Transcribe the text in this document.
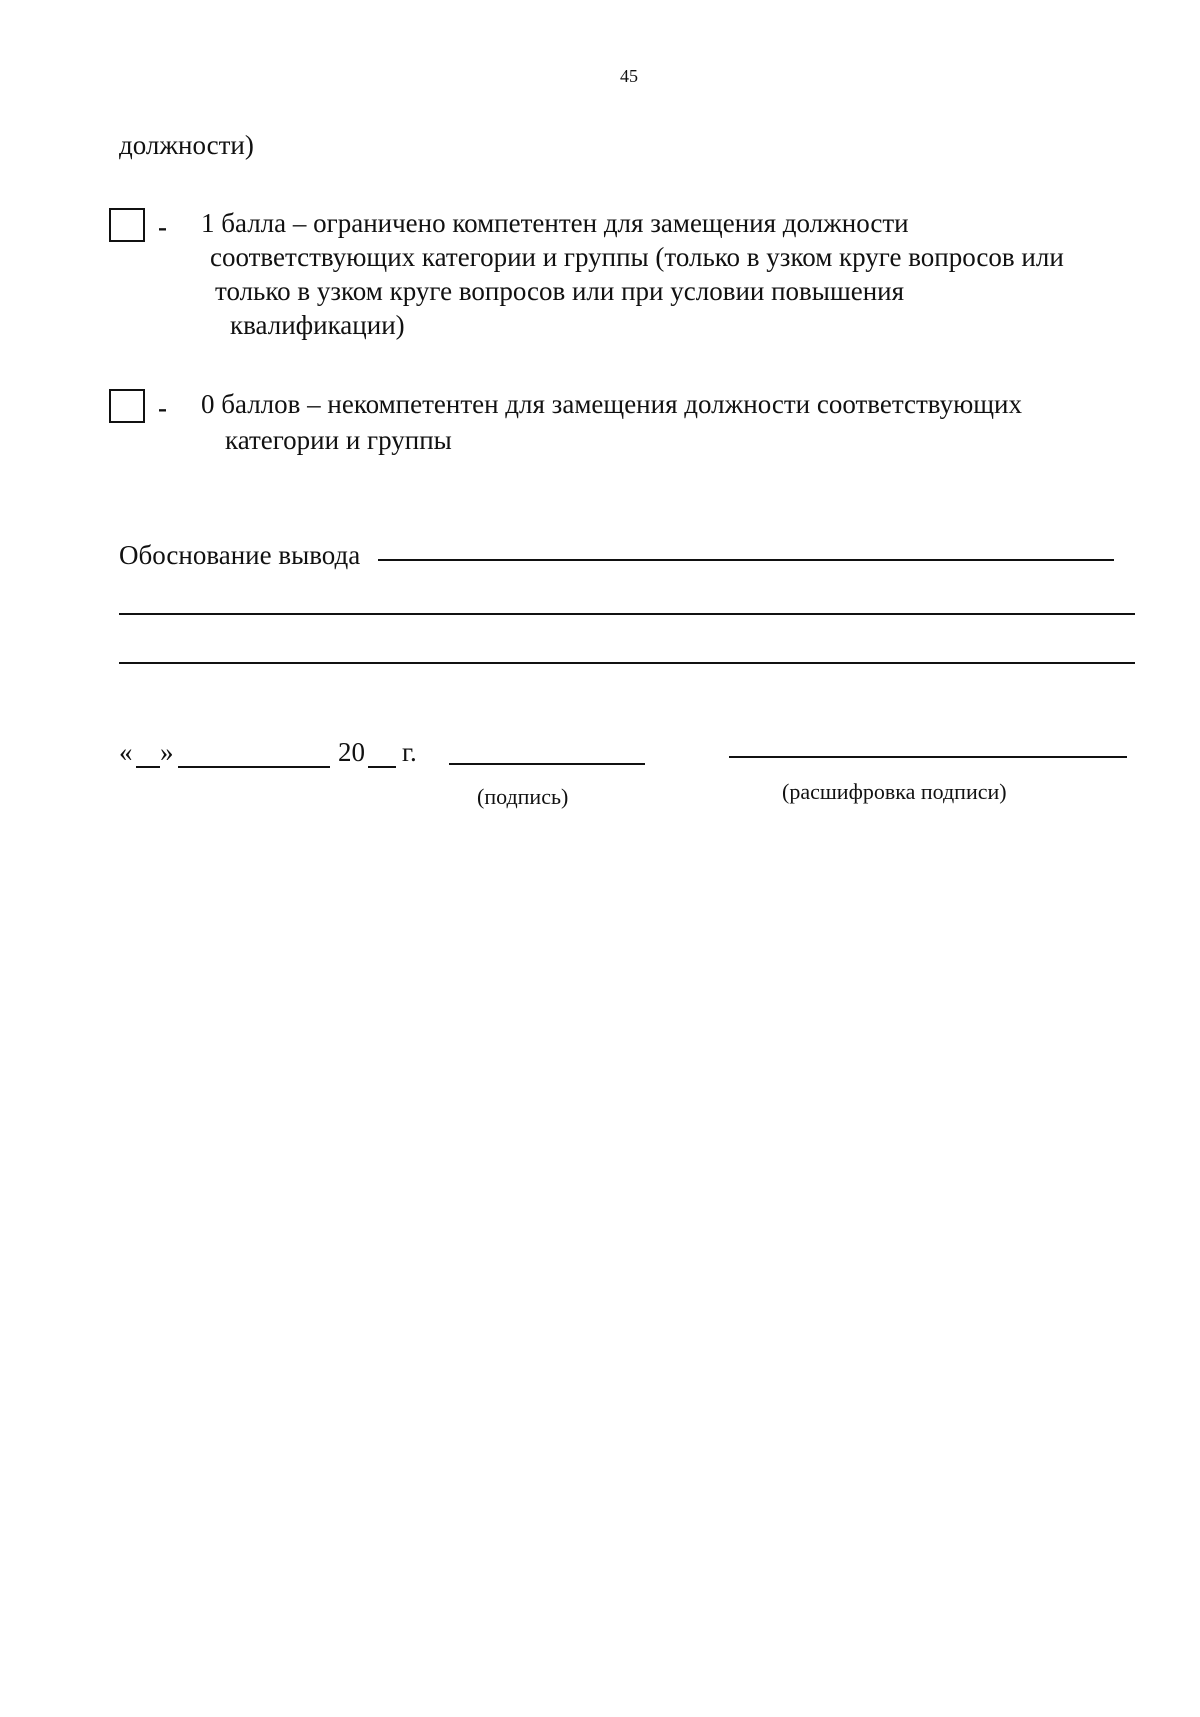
45
должности)
- 1 балла – ограничено компетентен для замещения должности
соответствующих категории и группы (только в узком круге вопросов или
только в узком круге вопросов или при условии повышения
квалификации)
- 0 баллов – некомпетентен для замещения должности соответствующих
категории и группы
Обоснование вывода
« »	20 г.
(подпись)	(расшифровка подписи)
